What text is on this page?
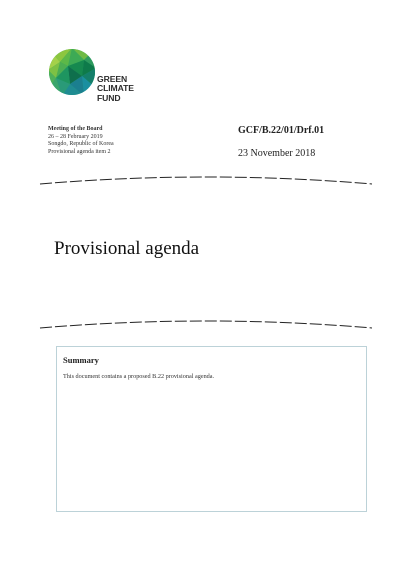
GREEN
CLIMATE
FUND
Meeting of the Board
26 – 28 February 2019
Songdo, Republic of Korea
Provisional agenda item 2
GCF/B.22/01/Drf.01
23 November 2018
Provisional agenda
Summary
This document contains a proposed B.22 provisional agenda.
